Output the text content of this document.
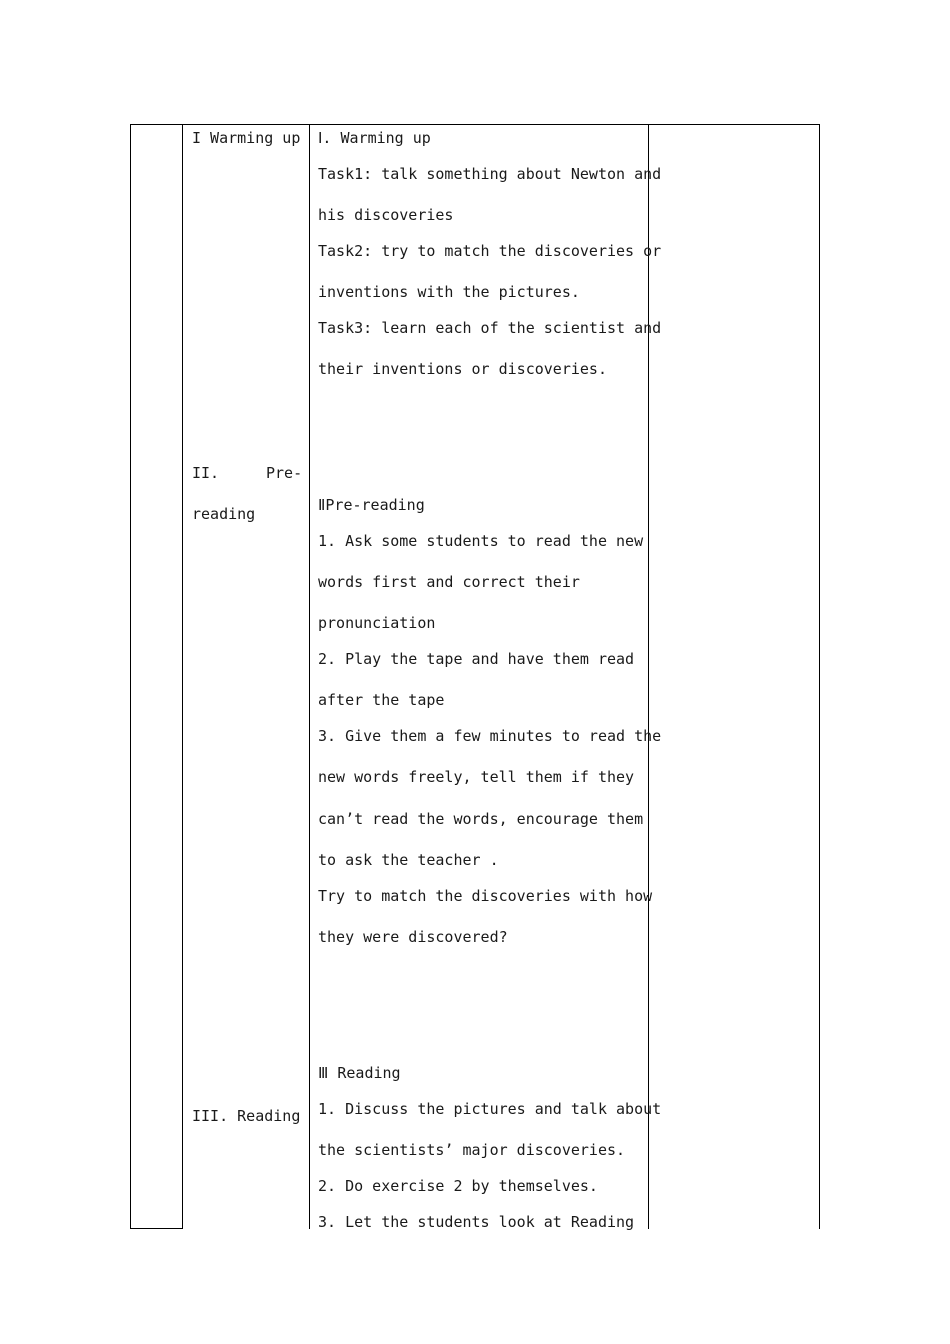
I Warming up
II.	Pre-
reading
III. Reading
Ⅰ. Warming up
Task1: talk something about Newton and
his discoveries
Task2: try to match the discoveries or
inventions with the pictures.
Task3: learn each of the scientist and
their inventions or discoveries.
ⅡPre-reading
1. Ask some students to read the new
words first and correct their
pronunciation
2. Play the tape and have them read
after the tape
3. Give them a few minutes to read the
new words freely, tell them if they
can’t read the words, encourage them
to ask the teacher .
Try to match the discoveries with how
they were discovered?
Ⅲ Reading
1. Discuss the pictures and talk about
the scientists’ major discoveries.
2. Do exercise 2 by themselves.
3. Let the students look at Reading
